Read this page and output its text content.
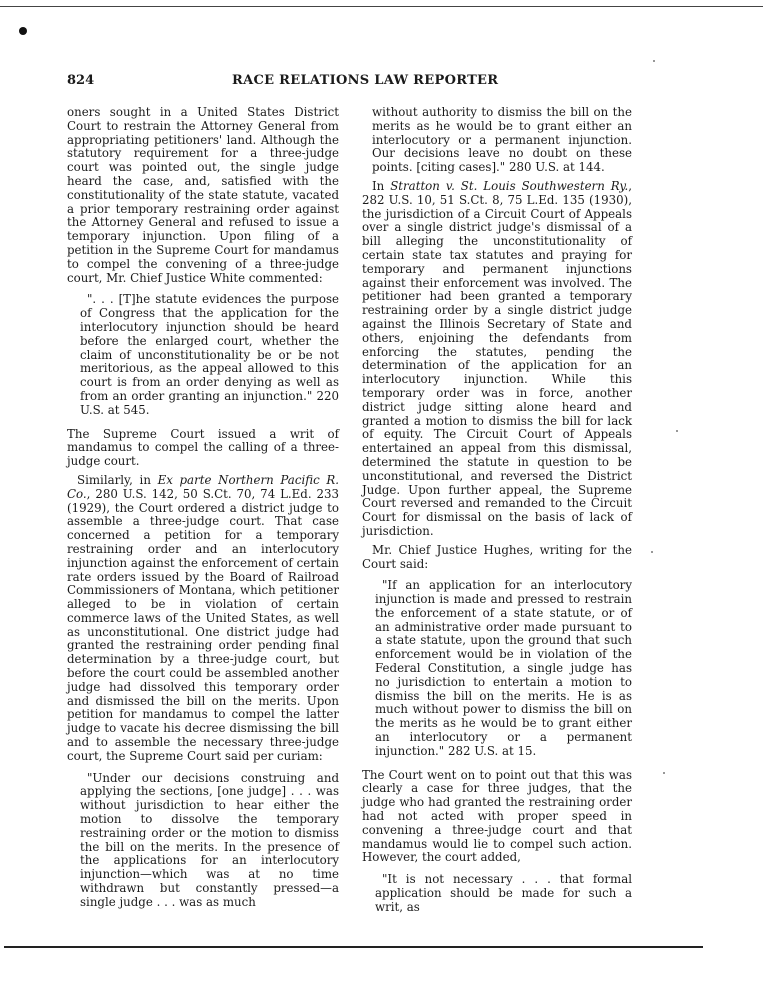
824	RACE RELATIONS LAW REPORTER

oners sought in a United States District Court to restrain the Attorney General from appropriating petitioners' land. Although the statutory requirement for a three-judge court was pointed out, the single judge heard the case, and, satisfied with the constitutionality of the state statute, vacated a prior temporary restraining order against the Attorney General and refused to issue a temporary injunction. Upon filing of a petition in the Supreme Court for mandamus to compel the convening of a three-judge court, Mr. Chief Justice White commented:

". . . [T]he statute evidences the purpose of Congress that the application for the interlocutory injunction should be heard before the enlarged court, whether the claim of unconstitutionality be or be not meritorious, as the appeal allowed to this court is from an order denying as well as from an order granting an injunction." 220 U.S. at 545.

The Supreme Court issued a writ of mandamus to compel the calling of a three-judge court.

Similarly, in Ex parte Northern Pacific R. Co., 280 U.S. 142, 50 S.Ct. 70, 74 L.Ed. 233 (1929), the Court ordered a district judge to assemble a three-judge court. That case concerned a petition for a temporary restraining order and an interlocutory injunction against the enforcement of certain rate orders issued by the Board of Railroad Commissioners of Montana, which petitioner alleged to be in violation of certain commerce laws of the United States, as well as unconstitutional. One district judge had granted the restraining order pending final determination by a three-judge court, but before the court could be assembled another judge had dissolved this temporary order and dismissed the bill on the merits. Upon petition for mandamus to compel the latter judge to vacate his decree dismissing the bill and to assemble the necessary three-judge court, the Supreme Court said per curiam:

"Under our decisions construing and applying the sections, [one judge] . . . was without jurisdiction to hear either the motion to dissolve the temporary restraining order or the motion to dismiss the bill on the merits. In the presence of the applications for an interlocutory injunction—which was at no time withdrawn but constantly pressed—a single judge . . . was as much

without authority to dismiss the bill on the merits as he would be to grant either an interlocutory or a permanent injunction. Our decisions leave no doubt on these points. [citing cases]." 280 U.S. at 144.

In Stratton v. St. Louis Southwestern Ry., 282 U.S. 10, 51 S.Ct. 8, 75 L.Ed. 135 (1930), the jurisdiction of a Circuit Court of Appeals over a single district judge's dismissal of a bill alleging the unconstitutionality of certain state tax statutes and praying for temporary and permanent injunctions against their enforcement was involved. The petitioner had been granted a temporary restraining order by a single district judge against the Illinois Secretary of State and others, enjoining the defendants from enforcing the statutes, pending the determination of the application for an interlocutory injunction. While this temporary order was in force, another district judge sitting alone heard and granted a motion to dismiss the bill for lack of equity. The Circuit Court of Appeals entertained an appeal from this dismissal, determined the statute in question to be unconstitutional, and reversed the District Judge. Upon further appeal, the Supreme Court reversed and remanded to the Circuit Court for dismissal on the basis of lack of jurisdiction.

Mr. Chief Justice Hughes, writing for the Court said:

"If an application for an interlocutory injunction is made and pressed to restrain the enforcement of a state statute, or of an administrative order made pursuant to a state statute, upon the ground that such enforcement would be in violation of the Federal Constitution, a single judge has no jurisdiction to entertain a motion to dismiss the bill on the merits. He is as much without power to dismiss the bill on the merits as he would be to grant either an interlocutory or a permanent injunction." 282 U.S. at 15.

The Court went on to point out that this was clearly a case for three judges, that the judge who had granted the restraining order had not acted with proper speed in convening a three-judge court and that mandamus would lie to compel such action. However, the court added,

"It is not necessary . . . that formal application should be made for such a writ, as
